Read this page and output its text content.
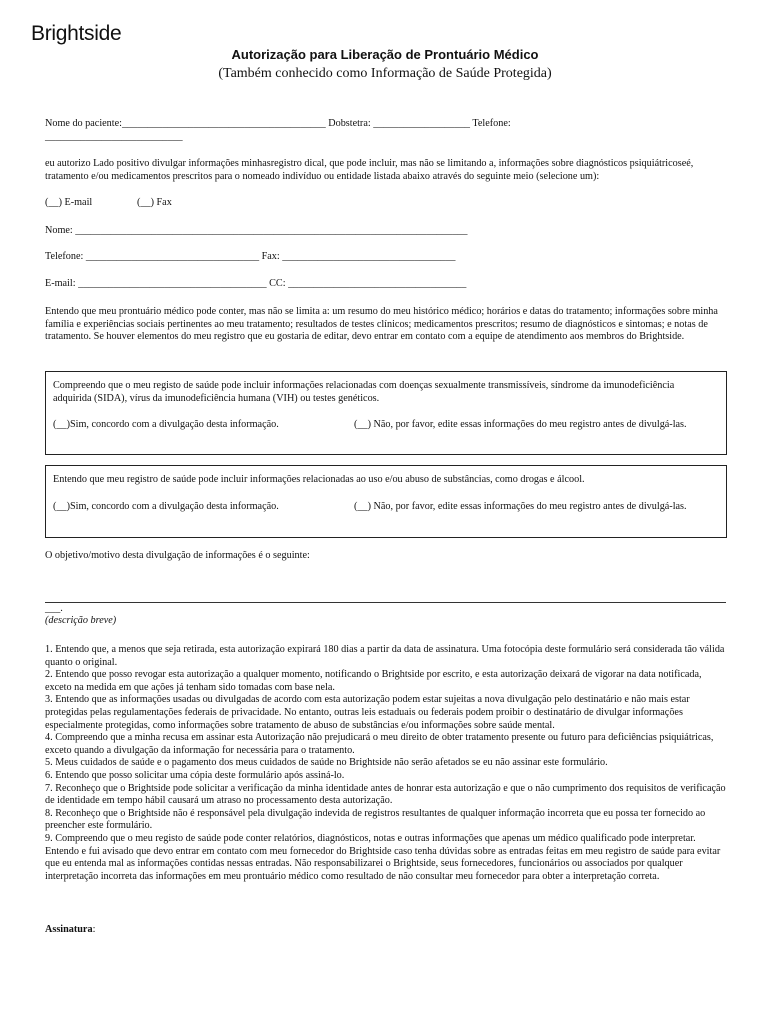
Brightside
Autorização para Liberação de Prontuário Médico
(Também conhecido como Informação de Saúde Protegida)
Nome do paciente:________________________________________ Dobstetra: ___________________ Telefone:
___________________________
eu autorizo Lado positivo divulgar informações minhasregistro dical, que pode incluir, mas não se limitando a, informações sobre diagnósticos psiquiátricoseé, tratamento e/ou medicamentos prescritos para o nomeado indivíduo ou entidade listada abaixo através do seguinte meio (selecione um):
(__) E-mail	(__) Fax
Nome: _____________________________________________________________________________
Telefone: __________________________________ Fax: __________________________________
E-mail: _____________________________________ CC: ___________________________________
Entendo que meu prontuário médico pode conter, mas não se limita a: um resumo do meu histórico médico; horários e datas do tratamento; informações sobre minha família e experiências sociais pertinentes ao meu tratamento; resultados de testes clínicos; medicamentos prescritos; resumo de diagnósticos e sintomas; e notas de tratamento. Se houver elementos do meu registro que eu gostaria de editar, devo entrar em contato com a equipe de atendimento aos membros do Brightside.
Compreendo que o meu registo de saúde pode incluir informações relacionadas com doenças sexualmente transmissíveis, síndrome da imunodeficiência adquirida (SIDA), vírus da imunodeficiência humana (VIH) ou testes genéticos.
(__)Sim, concordo com a divulgação desta informação.	(__) Não, por favor, edite essas informações do meu registro antes de divulgá-las.
Entendo que meu registro de saúde pode incluir informações relacionadas ao uso e/ou abuso de substâncias, como drogas e álcool.
(__)Sim, concordo com a divulgação desta informação.	(__) Não, por favor, edite essas informações do meu registro antes de divulgá-las.
O objetivo/motivo desta divulgação de informações é o seguinte:
___.
(descrição breve)
1. Entendo que, a menos que seja retirada, esta autorização expirará 180 dias a partir da data de assinatura. Uma fotocópia deste formulário será considerada tão válida quanto o original.
2. Entendo que posso revogar esta autorização a qualquer momento, notificando o Brightside por escrito, e esta autorização deixará de vigorar na data notificada, exceto na medida em que ações já tenham sido tomadas com base nela.
3. Entendo que as informações usadas ou divulgadas de acordo com esta autorização podem estar sujeitas a nova divulgação pelo destinatário e não mais estar protegidas pelas regulamentações federais de privacidade. No entanto, outras leis estaduais ou federais podem proibir o destinatário de divulgar informações especialmente protegidas, como informações sobre tratamento de abuso de substâncias e/ou informações sobre saúde mental.
4. Compreendo que a minha recusa em assinar esta Autorização não prejudicará o meu direito de obter tratamento presente ou futuro para deficiências psiquiátricas, exceto quando a divulgação da informação for necessária para o tratamento.
5. Meus cuidados de saúde e o pagamento dos meus cuidados de saúde no Brightside não serão afetados se eu não assinar este formulário.
6. Entendo que posso solicitar uma cópia deste formulário após assiná-lo.
7. Reconheço que o Brightside pode solicitar a verificação da minha identidade antes de honrar esta autorização e que o não cumprimento dos requisitos de verificação de identidade em tempo hábil causará um atraso no processamento desta autorização.
8. Reconheço que o Brightside não é responsável pela divulgação indevida de registros resultantes de qualquer informação incorreta que eu possa ter fornecido ao preencher este formulário.
9. Compreendo que o meu registo de saúde pode conter relatórios, diagnósticos, notas e outras informações que apenas um médico qualificado pode interpretar. Entendo e fui avisado que devo entrar em contato com meu fornecedor do Brightside caso tenha dúvidas sobre as entradas feitas em meu registro de saúde para evitar que eu entenda mal as informações contidas nessas entradas. Não responsabilizarei o Brightside, seus fornecedores, funcionários ou associados por qualquer interpretação incorreta das informações em meu prontuário médico como resultado de não consultar meu fornecedor para obter a interpretação correta.
Assinatura:
